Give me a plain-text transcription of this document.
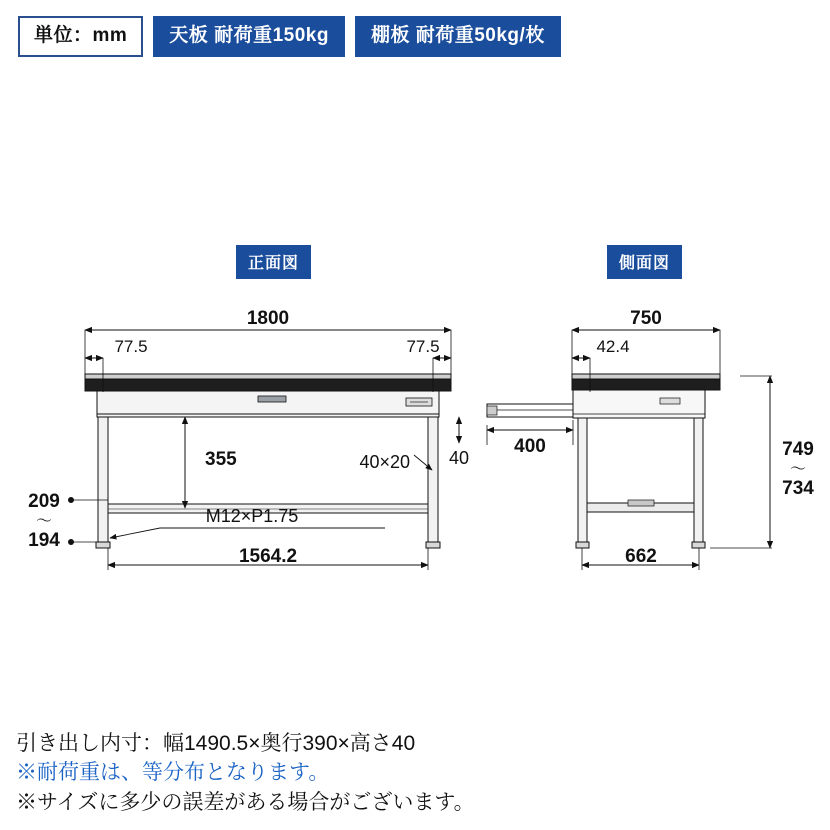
単位：mm	天板 耐荷重150kg	棚板 耐荷重50kg/枚
正面図	側面図
1800
77.5	77.5
355	40×20 40
209
〜
194
M12×P1.75
1564.2
750
42.4
400	749
〜
734
662
引き出し内寸：幅1490.5×奥行390×高さ40
※耐荷重は、等分布となります。
※サイズに多少の誤差がある場合がございます。
